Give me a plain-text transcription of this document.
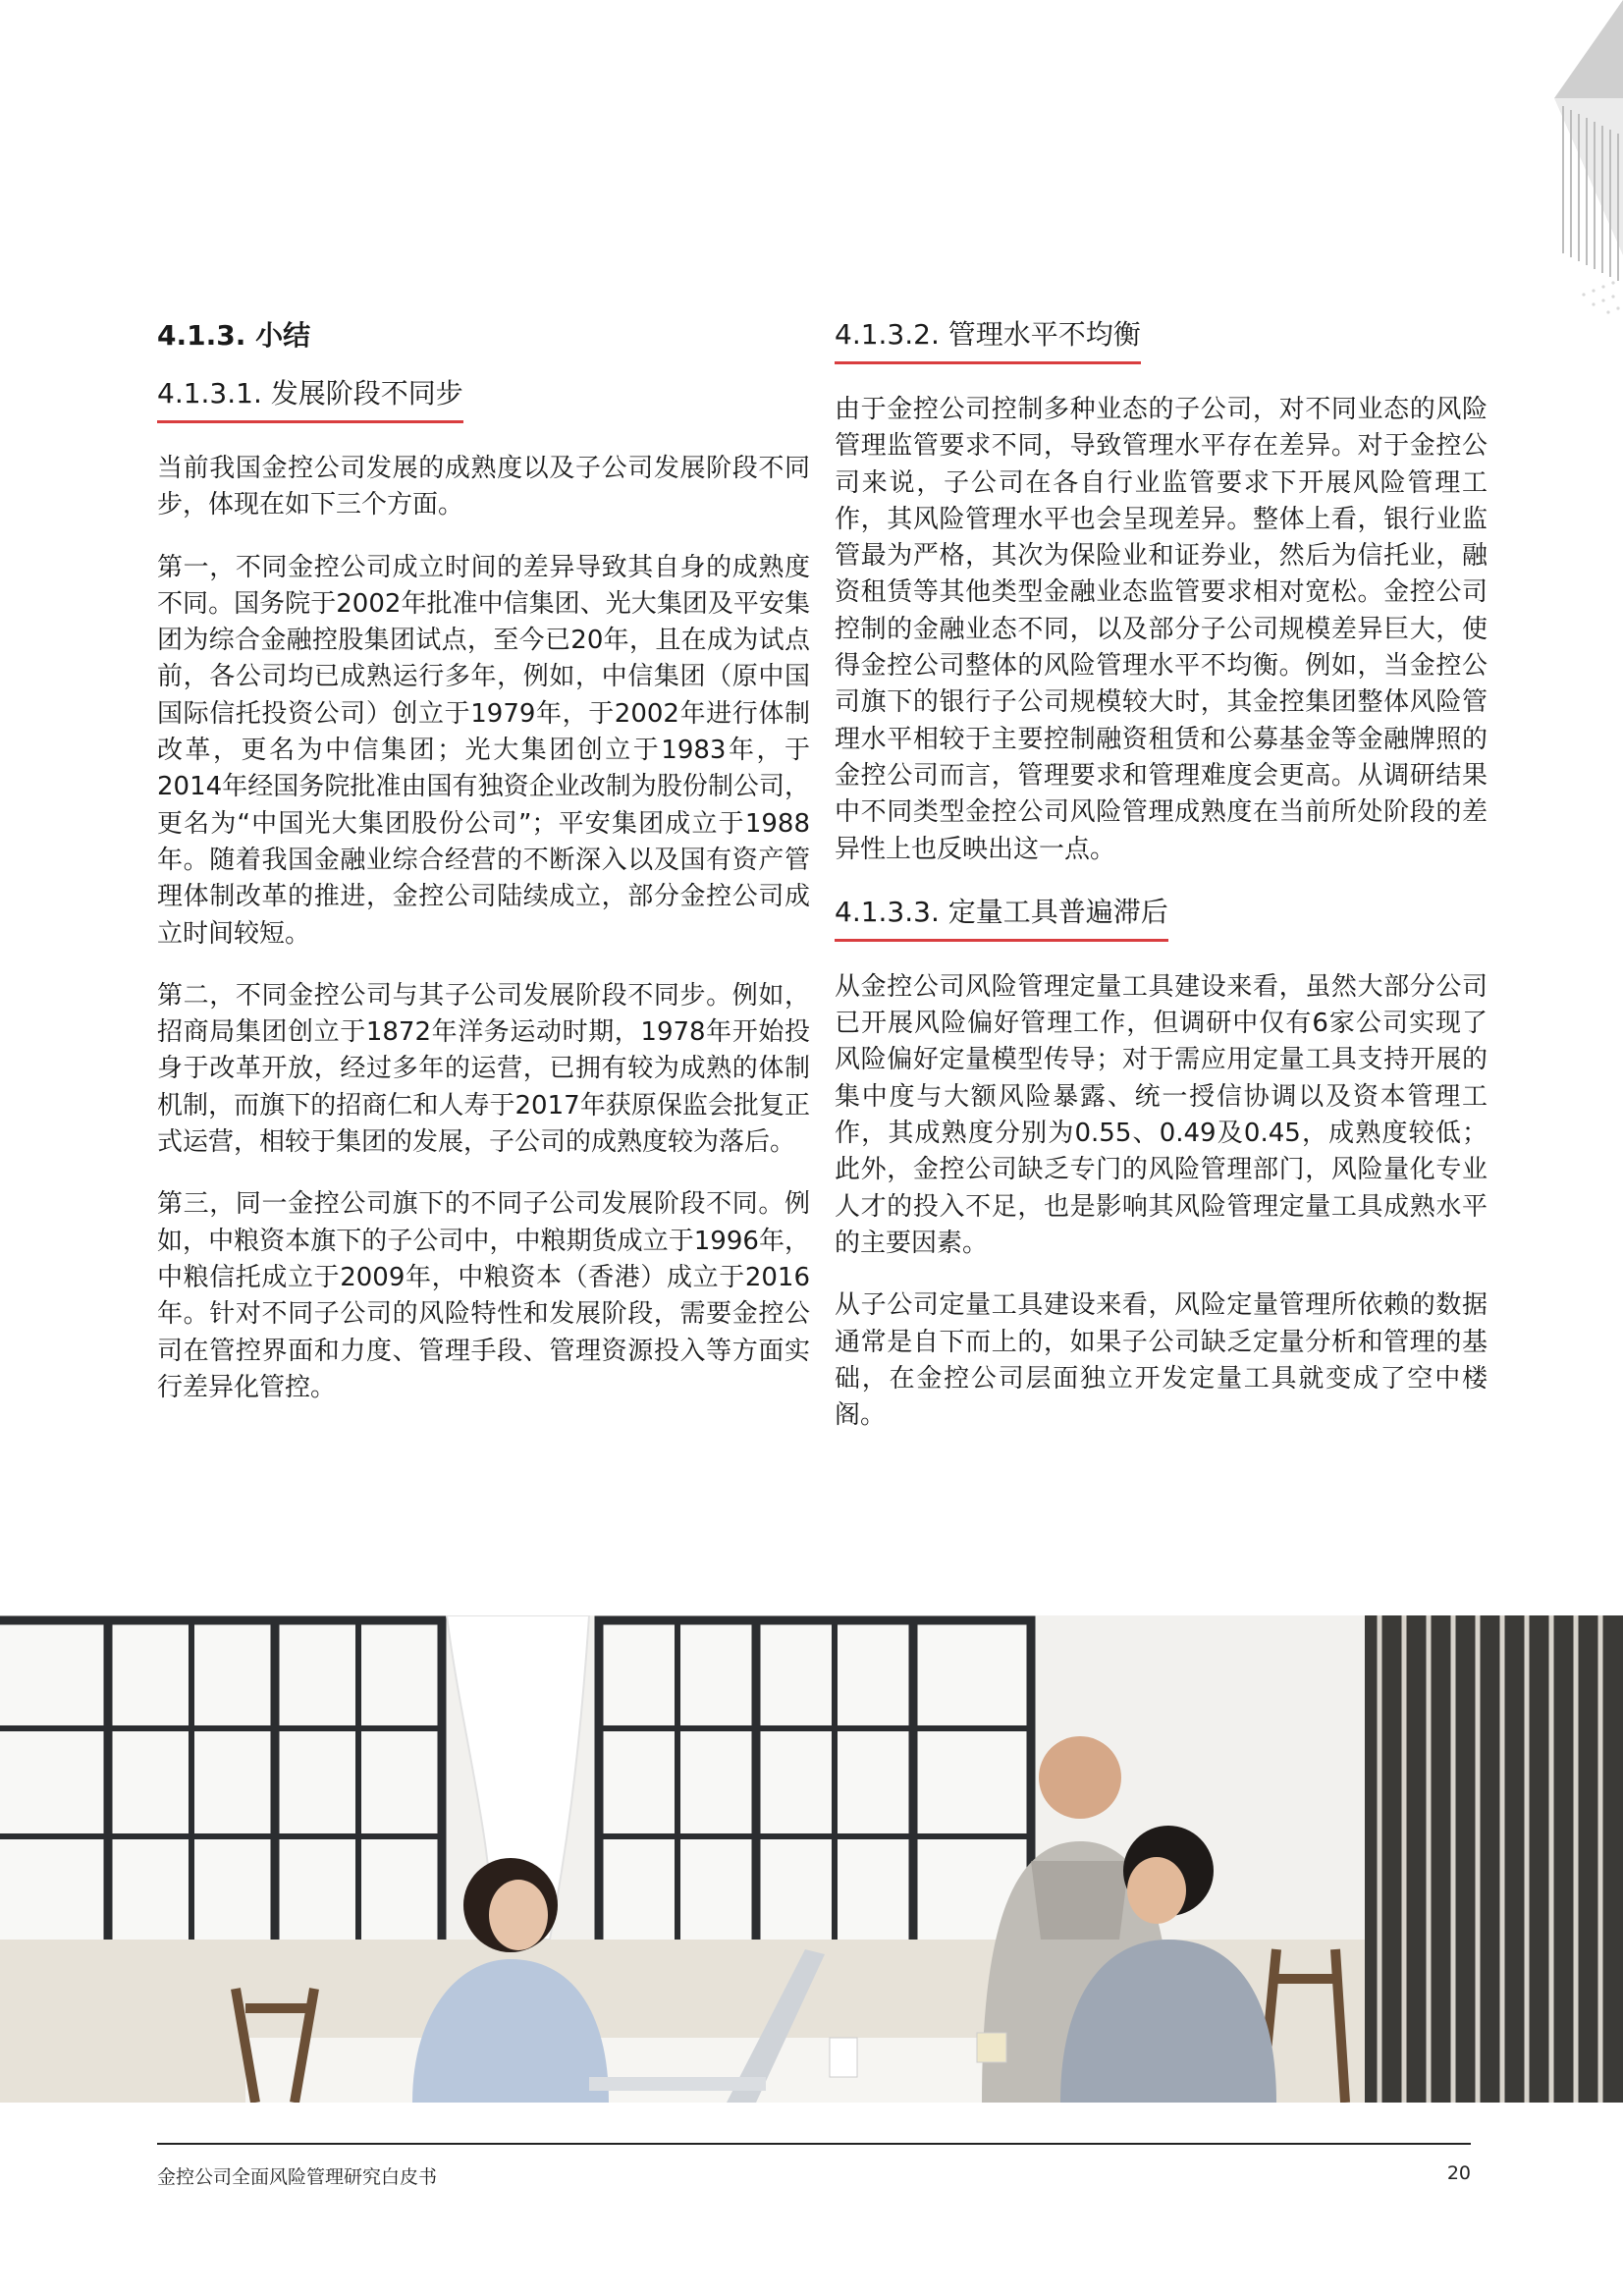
4.1.3. 小结
4.1.3.1. 发展阶段不同步

当前我国金控公司发展的成熟度以及子公司发展阶段不同步，体现在如下三个方面。

第一，不同金控公司成立时间的差异导致其自身的成熟度不同。国务院于2002年批准中信集团、光大集团及平安集团为综合金融控股集团试点，至今已20年，且在成为试点前，各公司均已成熟运行多年，例如，中信集团（原中国国际信托投资公司）创立于1979年，于2002年进行体制改革，更名为中信集团；光大集团创立于1983年，于2014年经国务院批准由国有独资企业改制为股份制公司，更名为“中国光大集团股份公司”；平安集团成立于1988年。随着我国金融业综合经营的不断深入以及国有资产管理体制改革的推进，金控公司陆续成立，部分金控公司成立时间较短。

第二，不同金控公司与其子公司发展阶段不同步。例如，招商局集团创立于1872年洋务运动时期，1978年开始投身于改革开放，经过多年的运营，已拥有较为成熟的体制机制，而旗下的招商仁和人寿于2017年获原保监会批复正式运营，相较于集团的发展，子公司的成熟度较为落后。

第三，同一金控公司旗下的不同子公司发展阶段不同。例如，中粮资本旗下的子公司中，中粮期货成立于1996年，中粮信托成立于2009年，中粮资本（香港）成立于2016年。针对不同子公司的风险特性和发展阶段，需要金控公司在管控界面和力度、管理手段、管理资源投入等方面实行差异化管控。

4.1.3.2. 管理水平不均衡

由于金控公司控制多种业态的子公司，对不同业态的风险管理监管要求不同，导致管理水平存在差异。对于金控公司来说，子公司在各自行业监管要求下开展风险管理工作，其风险管理水平也会呈现差异。整体上看，银行业监管最为严格，其次为保险业和证券业，然后为信托业，融资租赁等其他类型金融业态监管要求相对宽松。金控公司控制的金融业态不同，以及部分子公司规模差异巨大，使得金控公司整体的风险管理水平不均衡。例如，当金控公司旗下的银行子公司规模较大时，其金控集团整体风险管理水平相较于主要控制融资租赁和公募基金等金融牌照的金控公司而言，管理要求和管理难度会更高。从调研结果中不同类型金控公司风险管理成熟度在当前所处阶段的差异性上也反映出这一点。

4.1.3.3. 定量工具普遍滞后

从金控公司风险管理定量工具建设来看，虽然大部分公司已开展风险偏好管理工作，但调研中仅有6家公司实现了风险偏好定量模型传导；对于需应用定量工具支持开展的集中度与大额风险暴露、统一授信协调以及资本管理工作，其成熟度分别为0.55、0.49及0.45，成熟度较低；此外，金控公司缺乏专门的风险管理部门，风险量化专业人才的投入不足，也是影响其风险管理定量工具成熟水平的主要因素。

从子公司定量工具建设来看，风险定量管理所依赖的数据通常是自下而上的，如果子公司缺乏定量分析和管理的基础，在金控公司层面独立开发定量工具就变成了空中楼阁。

金控公司全面风险管理研究白皮书	20
